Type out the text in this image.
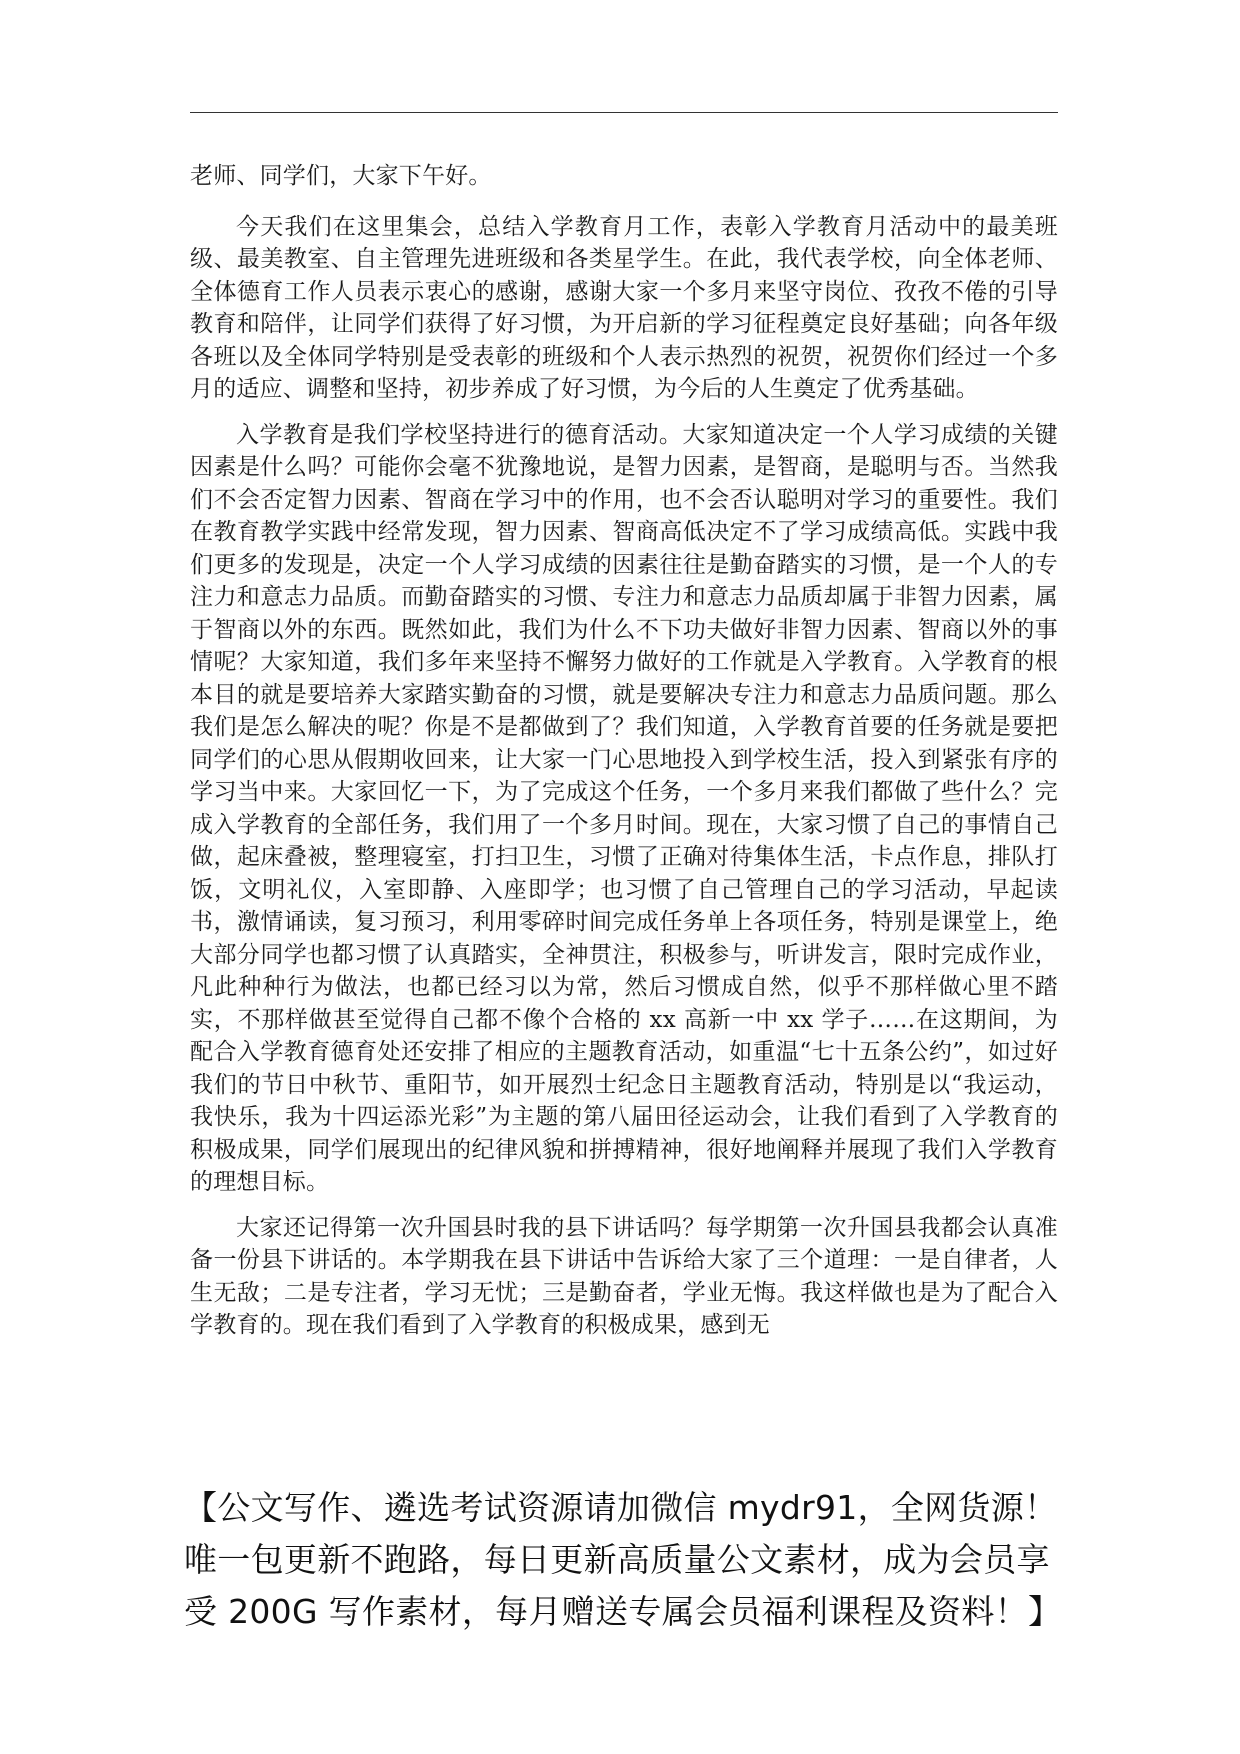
老师、同学们，大家下午好。

今天我们在这里集会，总结入学教育月工作，表彰入学教育月活动中的最美班级、最美教室、自主管理先进班级和各类星学生。在此，我代表学校，向全体老师、全体德育工作人员表示衷心的感谢，感谢大家一个多月来坚守岗位、孜孜不倦的引导教育和陪伴，让同学们获得了好习惯，为开启新的学习征程奠定良好基础；向各年级各班以及全体同学特别是受表彰的班级和个人表示热烈的祝贺，祝贺你们经过一个多月的适应、调整和坚持，初步养成了好习惯，为今后的人生奠定了优秀基础。

入学教育是我们学校坚持进行的德育活动。大家知道决定一个人学习成绩的关键因素是什么吗？可能你会毫不犹豫地说，是智力因素，是智商，是聪明与否。当然我们不会否定智力因素、智商在学习中的作用，也不会否认聪明对学习的重要性。我们在教育教学实践中经常发现，智力因素、智商高低决定不了学习成绩高低。实践中我们更多的发现是，决定一个人学习成绩的因素往往是勤奋踏实的习惯，是一个人的专注力和意志力品质。而勤奋踏实的习惯、专注力和意志力品质却属于非智力因素，属于智商以外的东西。既然如此，我们为什么不下功夫做好非智力因素、智商以外的事情呢？大家知道，我们多年来坚持不懈努力做好的工作就是入学教育。入学教育的根本目的就是要培养大家踏实勤奋的习惯，就是要解决专注力和意志力品质问题。那么我们是怎么解决的呢？你是不是都做到了？我们知道，入学教育首要的任务就是要把同学们的心思从假期收回来，让大家一门心思地投入到学校生活，投入到紧张有序的学习当中来。大家回忆一下，为了完成这个任务，一个多月来我们都做了些什么？完成入学教育的全部任务，我们用了一个多月时间。现在，大家习惯了自己的事情自己做，起床叠被，整理寝室，打扫卫生，习惯了正确对待集体生活，卡点作息，排队打饭，文明礼仪，入室即静、入座即学；也习惯了自己管理自己的学习活动，早起读书，激情诵读，复习预习，利用零碎时间完成任务单上各项任务，特别是课堂上，绝大部分同学也都习惯了认真踏实，全神贯注，积极参与，听讲发言，限时完成作业，凡此种种行为做法，也都已经习以为常，然后习惯成自然，似乎不那样做心里不踏实，不那样做甚至觉得自己都不像个合格的 xx 高新一中 xx 学子……在这期间，为配合入学教育德育处还安排了相应的主题教育活动，如重温“七十五条公约”，如过好我们的节日中秋节、重阳节，如开展烈士纪念日主题教育活动，特别是以“我运动，我快乐，我为十四运添光彩”为主题的第八届田径运动会，让我们看到了入学教育的积极成果，同学们展现出的纪律风貌和拼搏精神，很好地阐释并展现了我们入学教育的理想目标。

大家还记得第一次升国县时我的县下讲话吗？每学期第一次升国县我都会认真准备一份县下讲话的。本学期我在县下讲话中告诉给大家了三个道理：一是自律者，人生无敌；二是专注者，学习无忧；三是勤奋者，学业无悔。我这样做也是为了配合入学教育的。现在我们看到了入学教育的积极成果，感到无

【公文写作、遴选考试资源请加微信 mydr91，全网货源！唯一包更新不跑路，每日更新高质量公文素材，成为会员享受 200G 写作素材，每月赠送专属会员福利课程及资料！】
